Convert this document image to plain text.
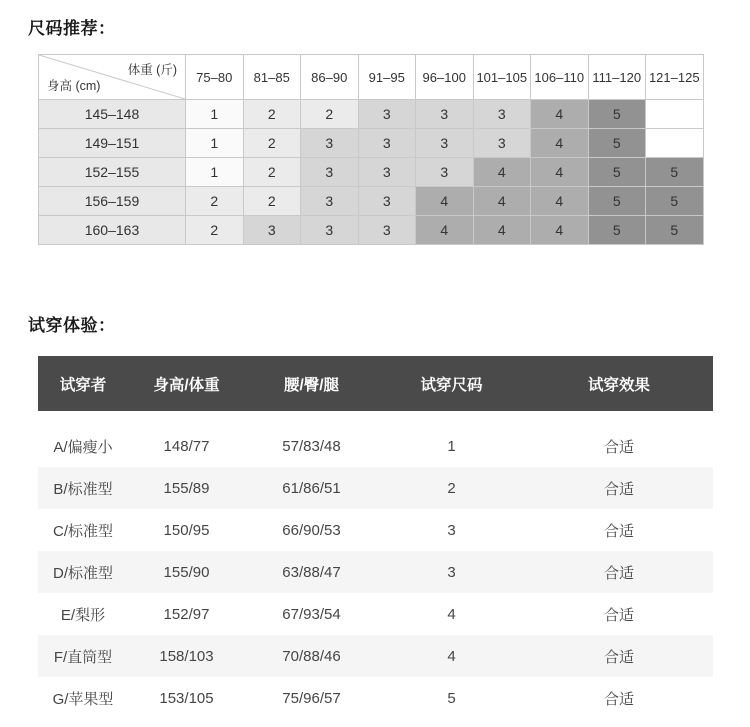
尺码推荐：
体重 (斤)
身高 (cm)	75–80	81–85	86–90	91–95	96–100	101–105	106–110	111–120	121–125
145–148	1	2	2	3	3	3	4	5	
149–151	1	2	3	3	3	3	4	5	
152–155	1	2	3	3	3	4	4	5	5
156–159	2	2	3	3	4	4	4	5	5
160–163	2	3	3	3	4	4	4	5	5
试穿体验：
试穿者	身高/体重	腰/臀/腿	试穿尺码	试穿效果

A/偏瘦小	148/77	57/83/48	1	合适
B/标准型	155/89	61/86/51	2	合适
C/标准型	150/95	66/90/53	3	合适
D/标准型	155/90	63/88/47	3	合适
E/梨形	152/97	67/93/54	4	合适
F/直筒型	158/103	70/88/46	4	合适
G/苹果型	153/105	75/96/57	5	合适
